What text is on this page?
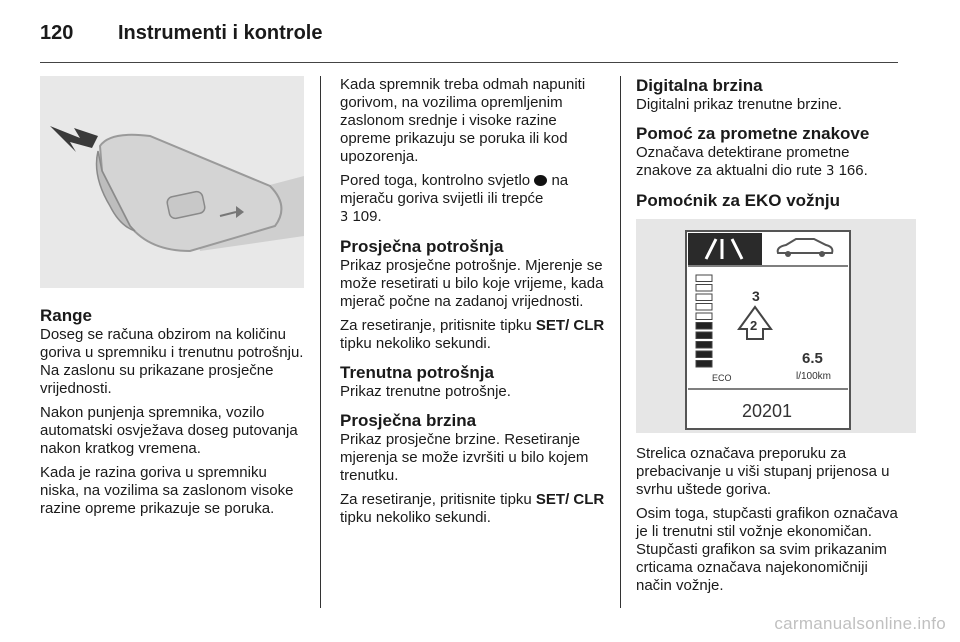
120 Instrumenti i kontrole
Range

Doseg se računa obzirom na količinu goriva u spremniku i trenutnu potrošnju. Na zaslonu su prikazane prosječne vrijednosti.

Nakon punjenja spremnika, vozilo automatski osvježava doseg putovanja nakon kratkog vremena.

Kada je razina goriva u spremniku niska, na vozilima sa zaslonom visoke razine opreme prikazuje se poruka.

Kada spremnik treba odmah napuniti gorivom, na vozilima opremljenim zaslonom srednje i visoke razine opreme prikazuju se poruka ili kod upozorenja.

Pored toga, kontrolno svjetlo na mjeraču goriva svijetli ili trepće
3 109.

Prosječna potrošnja

Prikaz prosječne potrošnje. Mjerenje se može resetirati u bilo koje vrijeme, kada mjerač počne na zadanoj vrijednosti.

Za resetiranje, pritisnite tipku SET/ CLR tipku nekoliko sekundi.

Trenutna potrošnja

Prikaz trenutne potrošnje.

Prosječna brzina

Prikaz prosječne brzine. Resetiranje mjerenja se može izvršiti u bilo kojem trenutku.

Za resetiranje, pritisnite tipku SET/ CLR tipku nekoliko sekundi.

Digitalna brzina

Digitalni prikaz trenutne brzine.

Pomoć za prometne znakove

Označava detektirane prometne znakove za aktualni dio rute 3 166.

Pomoćnik za EKO vožnju
ECO
3
2
6.5
l/100km
20201

Strelica označava preporuku za prebacivanje u viši stupanj prijenosa u svrhu uštede goriva.

Osim toga, stupčasti grafikon označava je li trenutni stil vožnje ekonomičan. Stupčasti grafikon sa svim prikazanim crticama označava najekonomičniji način vožnje.

carmanualsonline.info
